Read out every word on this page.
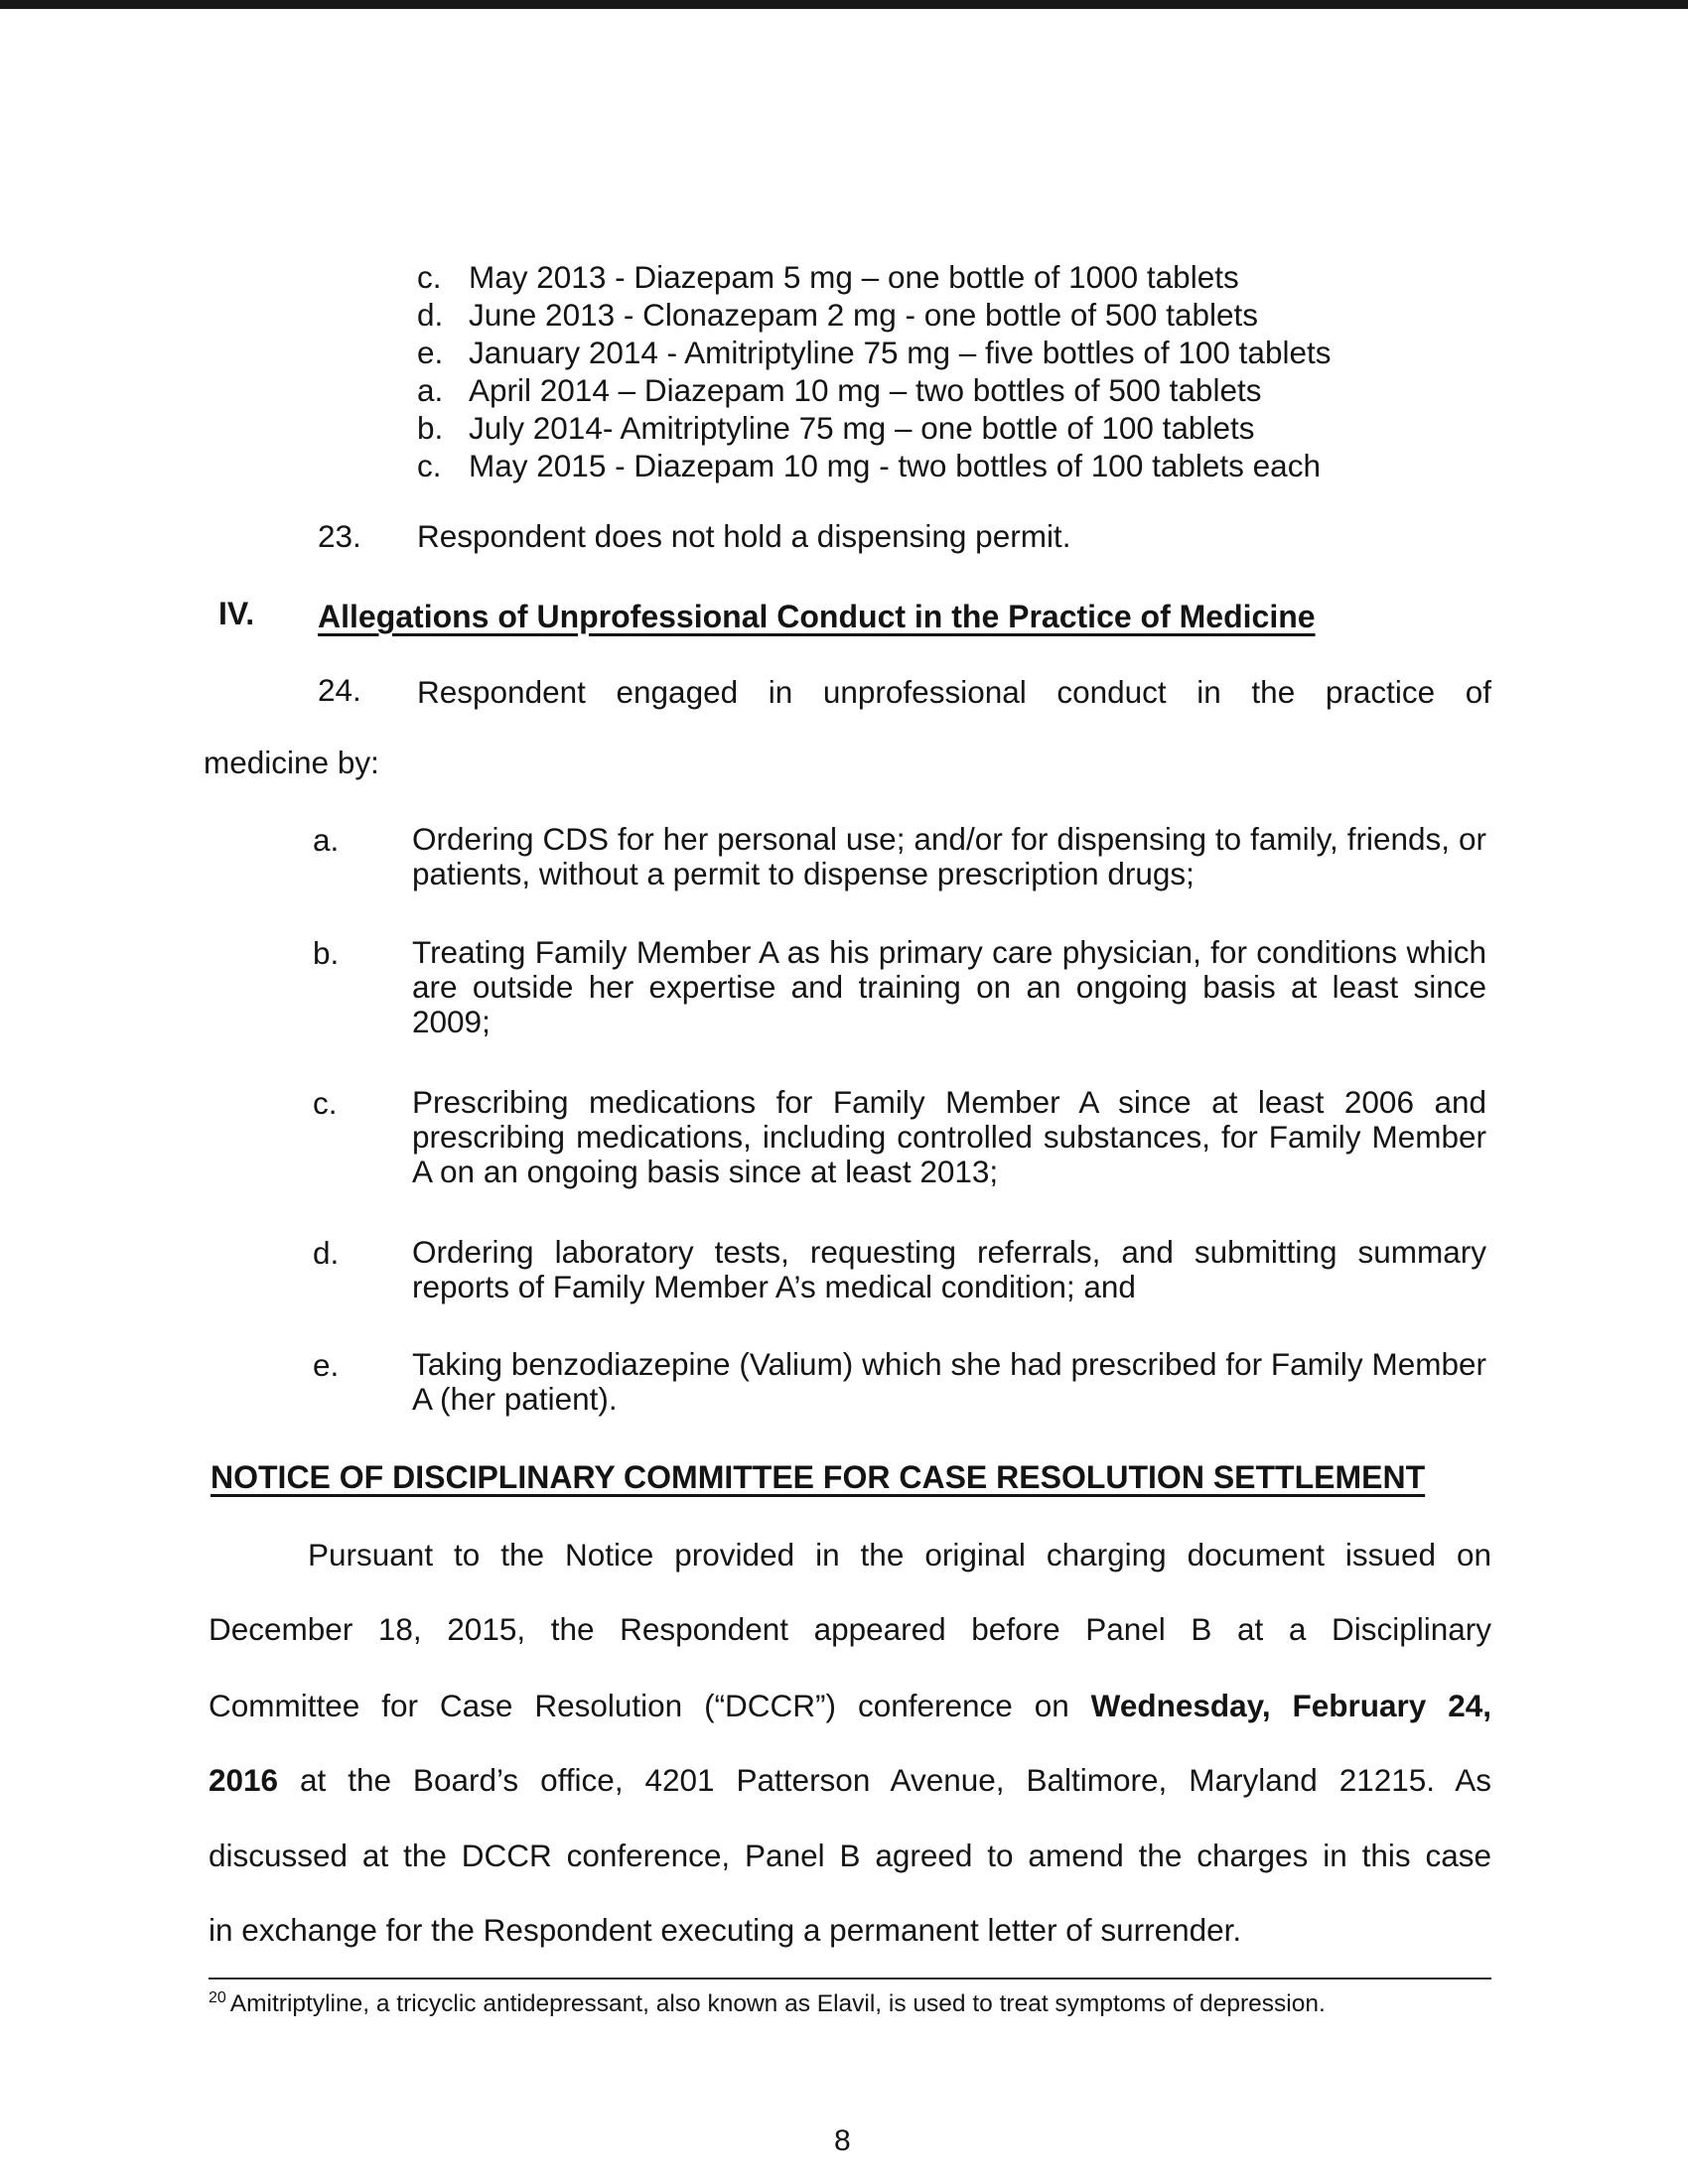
c. May 2013 - Diazepam 5 mg – one bottle of 1000 tablets
d. June 2013 - Clonazepam 2 mg - one bottle of 500 tablets
e. January 2014 - Amitriptyline 75 mg – five bottles of 100 tablets
a. April 2014 – Diazepam 10 mg – two bottles of 500 tablets
b. July 2014- Amitriptyline 75 mg – one bottle of 100 tablets
c. May 2015 - Diazepam 10 mg - two bottles of 100 tablets each
23. Respondent does not hold a dispensing permit.
IV. Allegations of Unprofessional Conduct in the Practice of Medicine
24. Respondent engaged in unprofessional conduct in the practice of
medicine by:
a. Ordering CDS for her personal use; and/or for dispensing to family, friends, or patients, without a permit to dispense prescription drugs;
b. Treating Family Member A as his primary care physician, for conditions which are outside her expertise and training on an ongoing basis at least since 2009;
c. Prescribing medications for Family Member A since at least 2006 and prescribing medications, including controlled substances, for Family Member A on an ongoing basis since at least 2013;
d. Ordering laboratory tests, requesting referrals, and submitting summary reports of Family Member A’s medical condition; and
e. Taking benzodiazepine (Valium) which she had prescribed for Family Member A (her patient).
NOTICE OF DISCIPLINARY COMMITTEE FOR CASE RESOLUTION SETTLEMENT
Pursuant to the Notice provided in the original charging document issued on
December 18, 2015, the Respondent appeared before Panel B at a Disciplinary
Committee for Case Resolution (“DCCR”) conference on Wednesday, February 24,
2016 at the Board’s office, 4201 Patterson Avenue, Baltimore, Maryland 21215. As
discussed at the DCCR conference, Panel B agreed to amend the charges in this case
in exchange for the Respondent executing a permanent letter of surrender.
$^{20}$ Amitriptyline, a tricyclic antidepressant, also known as Elavil, is used to treat symptoms of depression.
8
